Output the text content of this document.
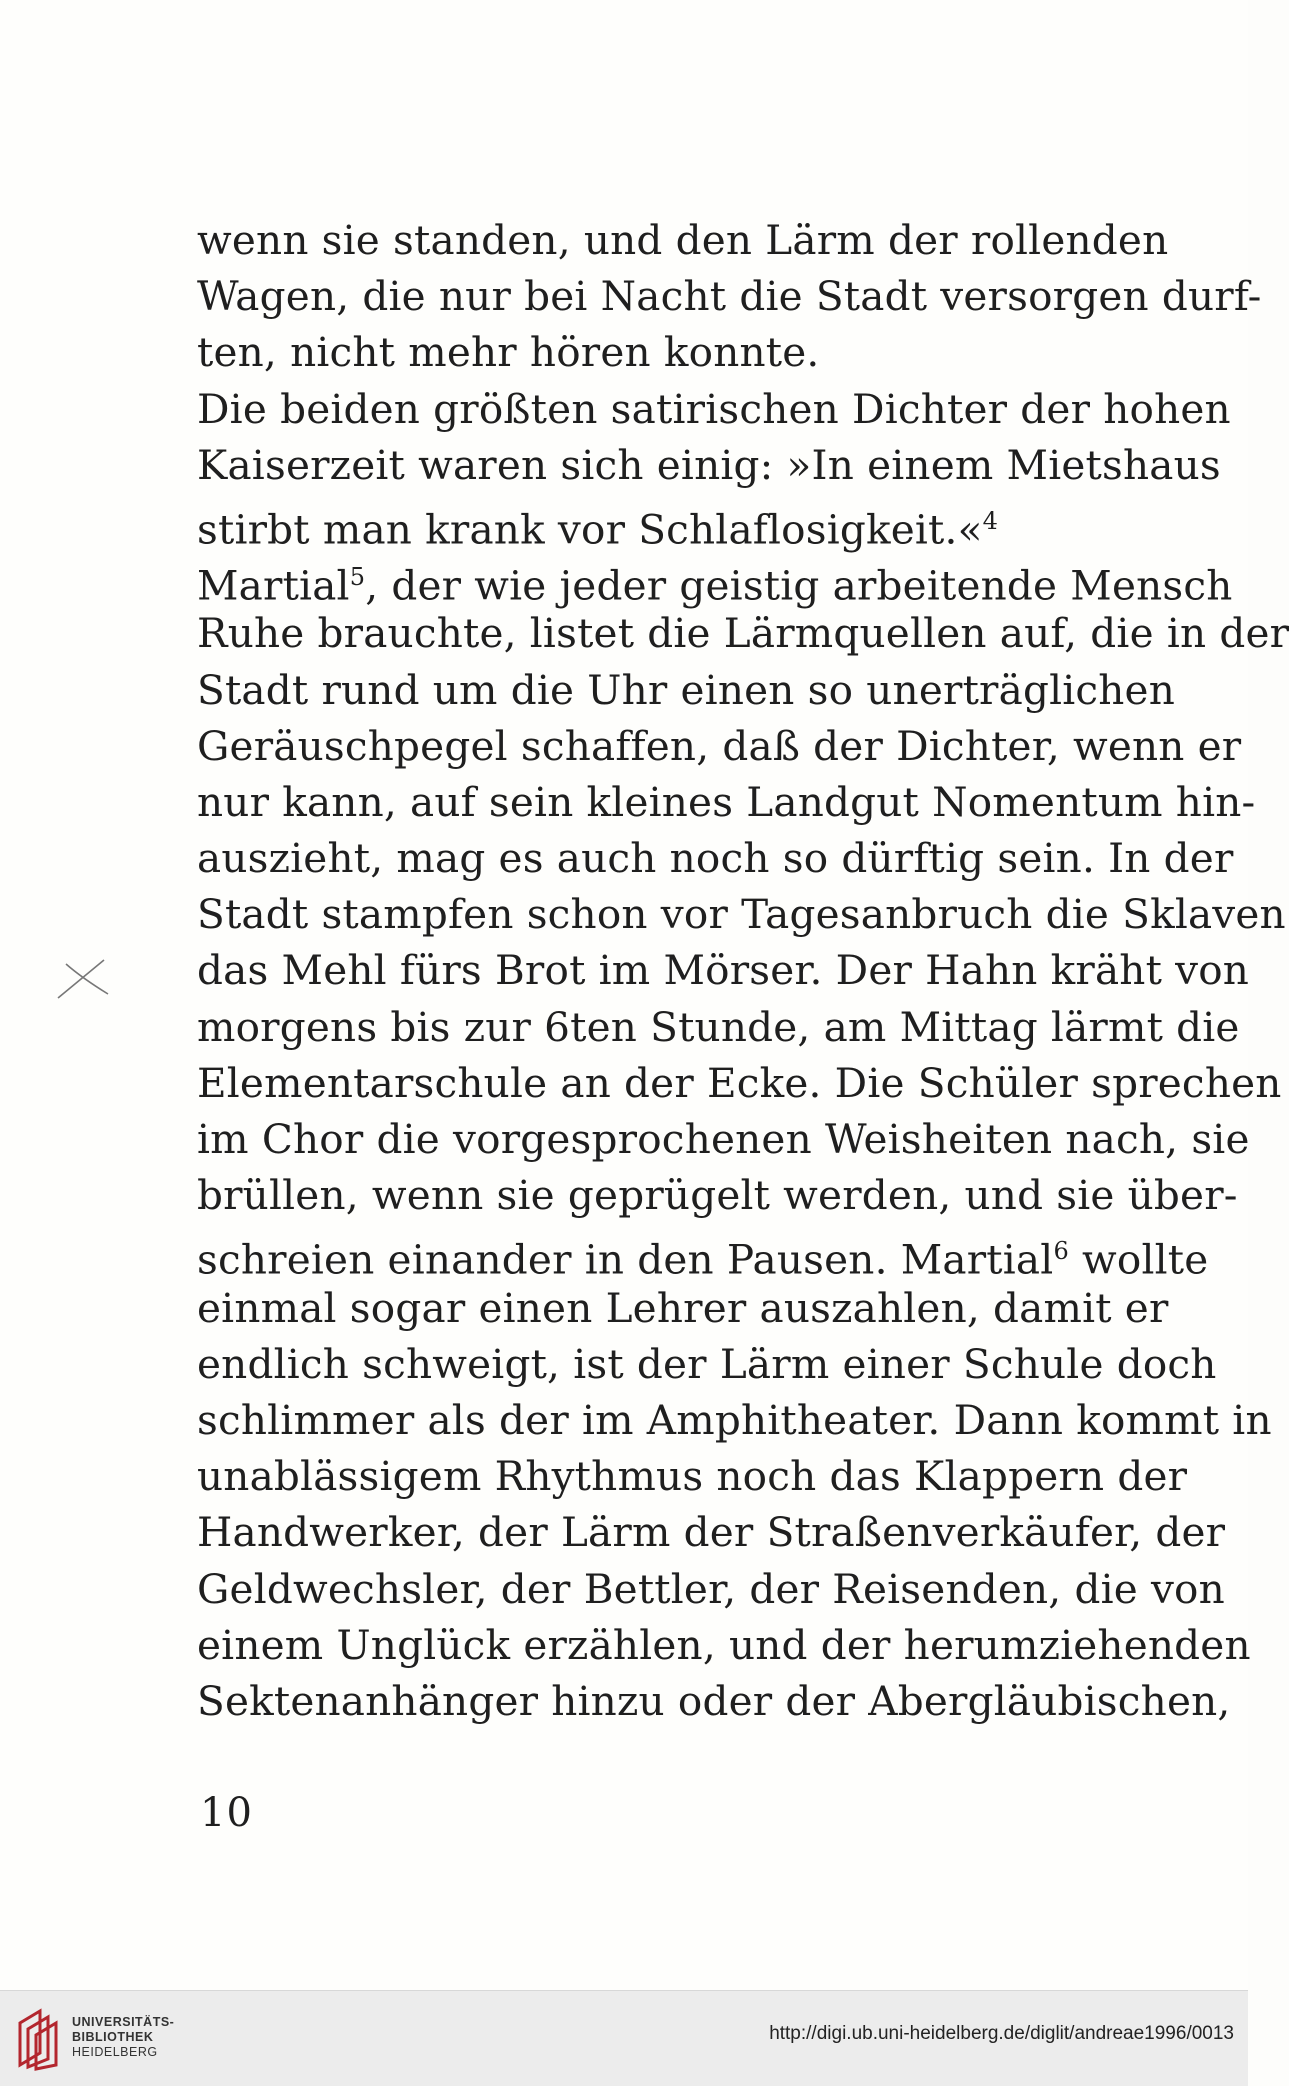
wenn sie standen, und den Lärm der rollenden
Wagen, die nur bei Nacht die Stadt versorgen durf-
ten, nicht mehr hören konnte.
Die beiden größten satirischen Dichter der hohen
Kaiserzeit waren sich einig: »In einem Mietshaus
stirbt man krank vor Schlaflosigkeit.«$^4$
Martial$^5$, der wie jeder geistig arbeitende Mensch
Ruhe brauchte, listet die Lärmquellen auf, die in der
Stadt rund um die Uhr einen so unerträglichen
Geräuschpegel schaffen, daß der Dichter, wenn er
nur kann, auf sein kleines Landgut Nomentum hin-
auszieht, mag es auch noch so dürftig sein. In der
Stadt stampfen schon vor Tagesanbruch die Sklaven
das Mehl fürs Brot im Mörser. Der Hahn kräht von
morgens bis zur 6ten Stunde, am Mittag lärmt die
Elementarschule an der Ecke. Die Schüler sprechen
im Chor die vorgesprochenen Weisheiten nach, sie
brüllen, wenn sie geprügelt werden, und sie über-
schreien einander in den Pausen. Martial$^6$ wollte
einmal sogar einen Lehrer auszahlen, damit er
endlich schweigt, ist der Lärm einer Schule doch
schlimmer als der im Amphitheater. Dann kommt in
unablässigem Rhythmus noch das Klappern der
Handwerker, der Lärm der Straßenverkäufer, der
Geldwechsler, der Bettler, der Reisenden, die von
einem Unglück erzählen, und der herumziehenden
Sektenanhänger hinzu oder der Abergläubischen,
10
UNIVERSITÄTS-
BIBLIOTHEK
HEIDELBERG
http://digi.ub.uni-heidelberg.de/diglit/andreae1996/0013
